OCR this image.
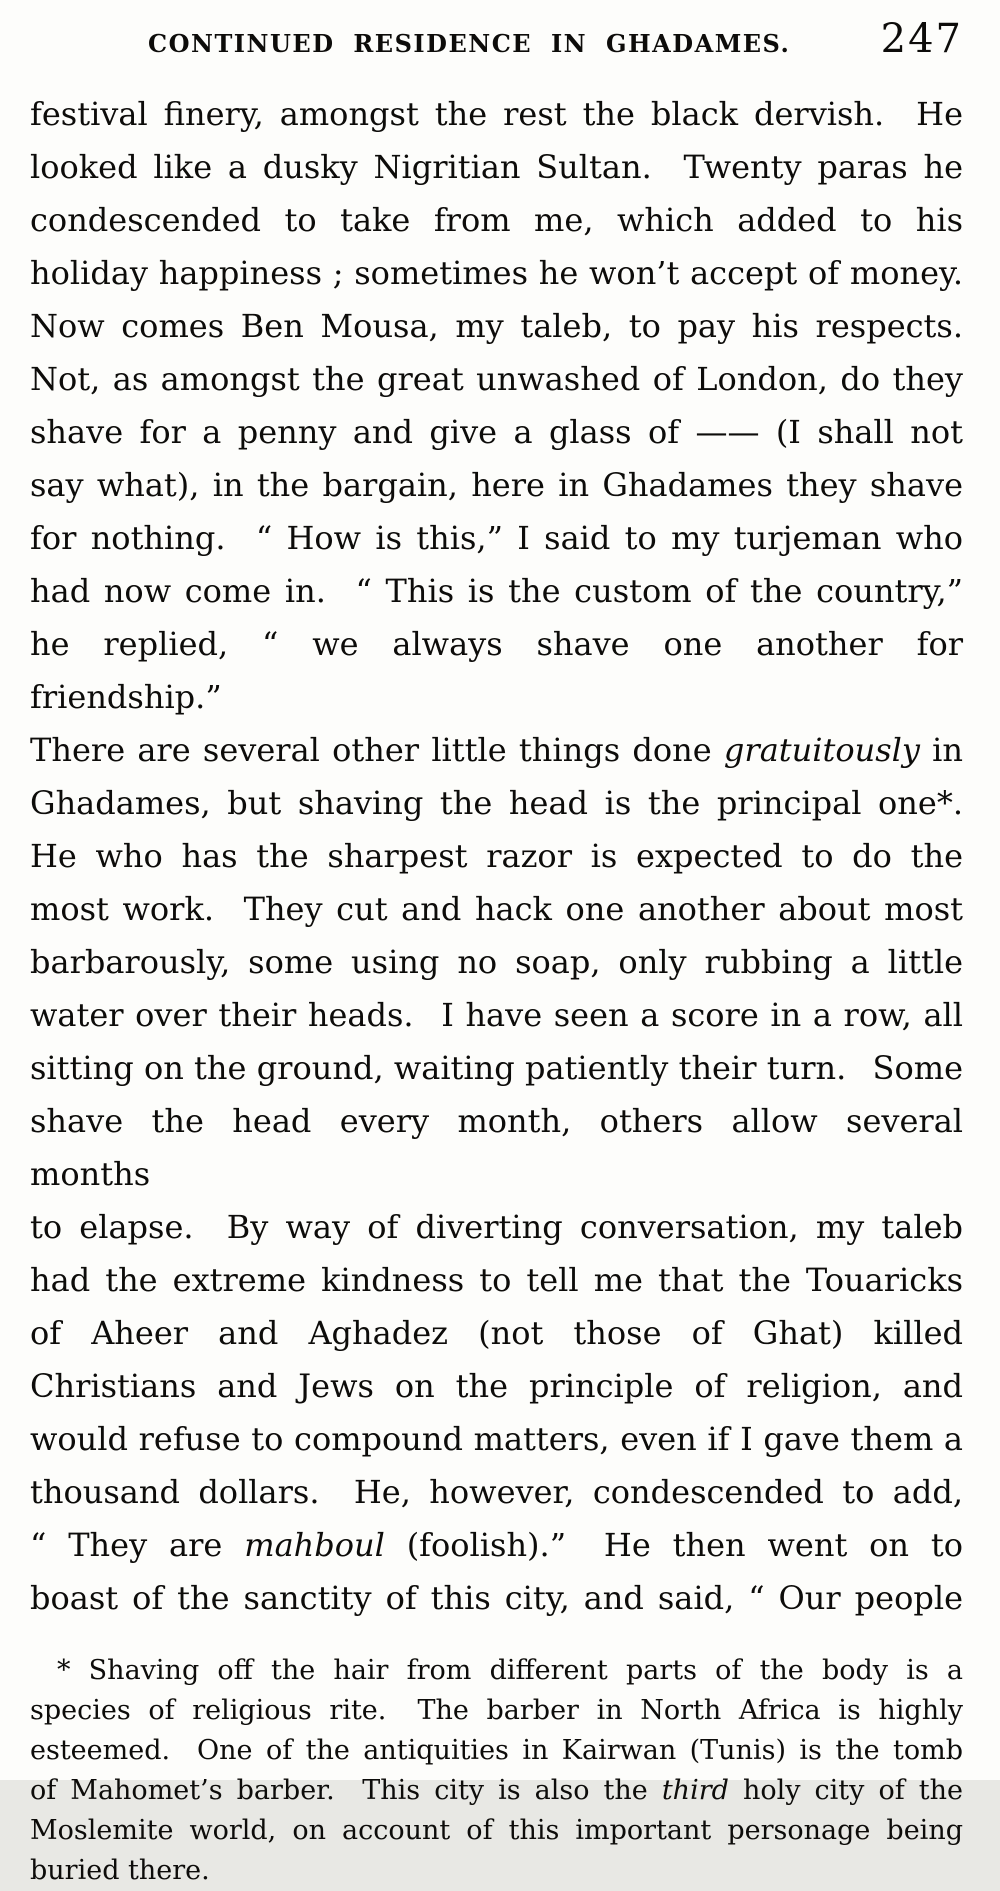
CONTINUED RESIDENCE IN GHADAMES. 247
festival finery, amongst the rest the black dervish.  He
looked like a dusky Nigritian Sultan.  Twenty paras he
condescended to take from me, which added to his
holiday happiness ; sometimes he won’t accept of money.
Now comes Ben Mousa, my taleb, to pay his respects.
Not, as amongst the great unwashed of London, do they
shave for a penny and give a glass of —— (I shall not
say what), in the bargain, here in Ghadames they shave
for nothing.  “ How is this,” I said to my turjeman who
had now come in.  “ This is the custom of the country,”
he replied, “ we always shave one another for friendship.”
There are several other little things done gratuitously in
Ghadames, but shaving the head is the principal one*.
He who has the sharpest razor is expected to do the
most work.  They cut and hack one another about most
barbarously, some using no soap, only rubbing a little
water over their heads.  I have seen a score in a row, all
sitting on the ground, waiting patiently their turn.  Some
shave the head every month, others allow several months
to elapse.  By way of diverting conversation, my taleb
had the extreme kindness to tell me that the Touaricks
of Aheer and Aghadez (not those of Ghat) killed
Christians and Jews on the principle of religion, and
would refuse to compound matters, even if I gave them a
thousand dollars.  He, however, condescended to add,
“ They are mahboul (foolish).”  He then went on to
boast of the sanctity of this city, and said, “ Our people
* Shaving off the hair from different parts of the body is a
species of religious rite.  The barber in North Africa is highly
esteemed.  One of the antiquities in Kairwan (Tunis) is the tomb
of Mahomet’s barber.  This city is also the third holy city of the
Moslemite world, on account of this important personage being
buried there.
